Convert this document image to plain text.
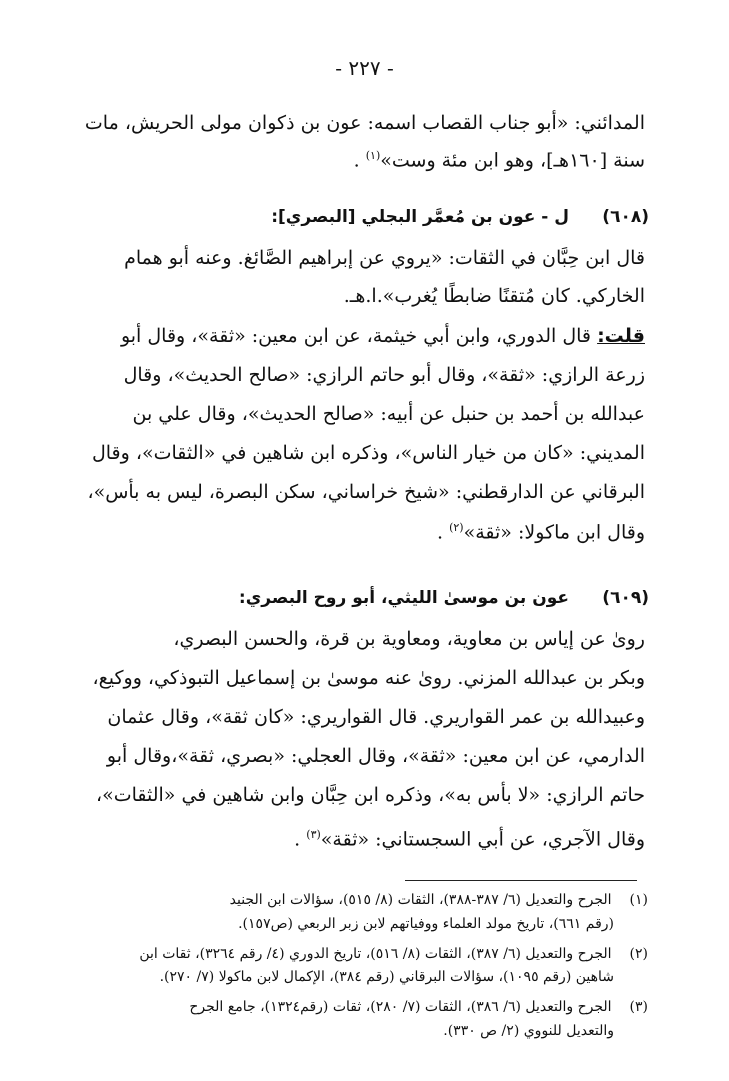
- ٢٢٧ -
المدائني: «أبو جناب القصاب اسمه: عون بن ذكوان مولى الحريش، مات
سنة [١٦٠هـ]، وهو ابن مئة وست»$^{(١)}$ .
(٦٠٨)
ل - عون بن مُعمَّر البجلي [البصري]:
قال ابن حِبَّان في الثقات: «يروي عن إبراهيم الصَّائغ. وعنه أبو همام
الخاركي. كان مُتقنًا ضابطًا يُغرب».ا.هـ.
قلت: قال الدوري، وابن أبي خيثمة، عن ابن معين: «ثقة»، وقال أبو
زرعة الرازي: «ثقة»، وقال أبو حاتم الرازي: «صالح الحديث»، وقال
عبدالله بن أحمد بن حنبل عن أبيه: «صالح الحديث»، وقال علي بن
المديني: «كان من خيار الناس»، وذكره ابن شاهين في «الثقات»، وقال
البرقاني عن الدارقطني: «شيخ خراساني، سكن البصرة، ليس به بأس»،
وقال ابن ماكولا: «ثقة»$^{(٢)}$ .
(٦٠٩)
عون بن موسىٰ الليثي، أبو روح البصري:
رویٰ عن إياس بن معاوية، ومعاوية بن قرة، والحسن البصري،
وبكر بن عبدالله المزني. رویٰ عنه موسىٰ بن إسماعيل التبوذكي، ووكيع،
وعبيدالله بن عمر القواريري. قال القواريري: «كان ثقة»، وقال عثمان
الدارمي، عن ابن معين: «ثقة»، وقال العجلي: «بصري، ثقة»،وقال أبو
حاتم الرازي: «لا بأس به»، وذكره ابن حِبَّان وابن شاهين في «الثقات»،
وقال الآجري، عن أبي السجستاني: «ثقة»$^{(٣)}$ .
(١) الجرح والتعديل (٦/ ٣٨٧-٣٨٨)، الثقات (٨/ ٥١٥)، سؤالات ابن الجنيد
(رقم ٦٦١)، تاريخ مولد العلماء ووفياتهم لابن زبر الربعي (ص١٥٧).
(٢) الجرح والتعديل (٦/ ٣٨٧)، الثقات (٨/ ٥١٦)، تاريخ الدوري (٤/ رقم ٣٢٦٤)، ثقات ابن
شاهين (رقم ١٠٩٥)، سؤالات البرقاني (رقم ٣٨٤)، الإكمال لابن ماكولا (٧/ ٢٧٠).
(٣) الجرح والتعديل (٦/ ٣٨٦)، الثقات (٧/ ٢٨٠)، ثقات (رقم١٣٢٤)، جامع الجرح
والتعديل للنووي (٢/ ص ٣٣٠).
